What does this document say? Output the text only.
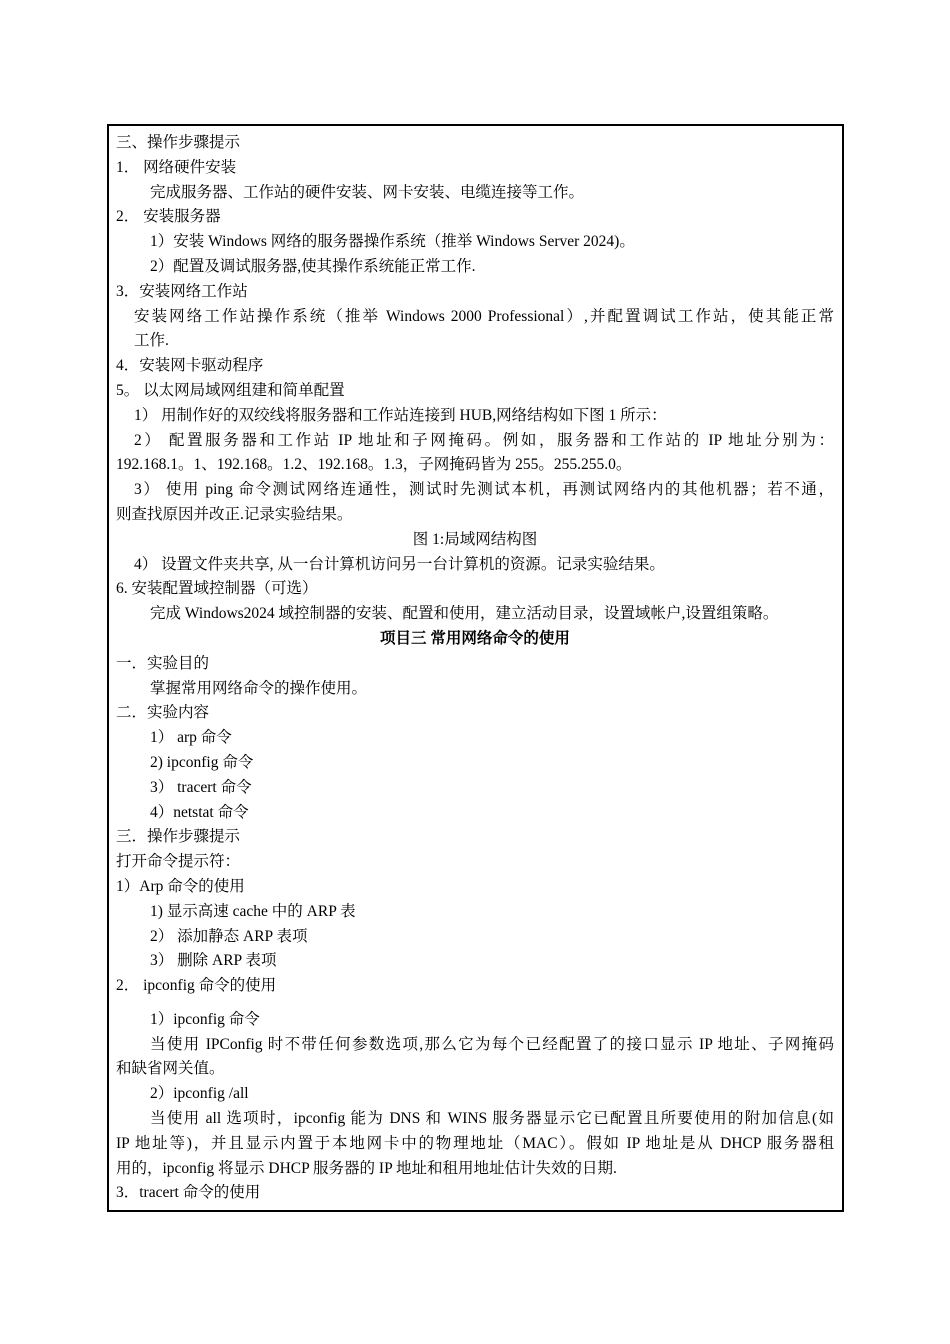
三、操作步骤提示
1． 网络硬件安装
完成服务器、工作站的硬件安装、网卡安装、电缆连接等工作。
2． 安装服务器
1）安装 Windows 网络的服务器操作系统（推举 Windows Server 2024)。
2）配置及调试服务器,使其操作系统能正常工作.
3．安装网络工作站
安装网络工作站操作系统（推举 Windows 2000 Professional）,并配置调试工作站，使其能正常
工作.
4．安装网卡驱动程序
5。 以太网局域网组建和简单配置
1） 用制作好的双绞线将服务器和工作站连接到 HUB,网络结构如下图 1 所示：
2） 配置服务器和工作站 IP 地址和子网掩码。例如，服务器和工作站的 IP 地址分别为：
192.168.1。1、192.168。1.2、192.168。1.3，子网掩码皆为 255。255.255.0。
3） 使用 ping 命令测试网络连通性，测试时先测试本机，再测试网络内的其他机器；若不通，
则查找原因并改正.记录实验结果。
图 1:局域网结构图
4） 设置文件夹共享, 从一台计算机访问另一台计算机的资源。记录实验结果。
6. 安装配置域控制器（可选）
完成 Windows2024 域控制器的安装、配置和使用，建立活动目录，设置域帐户,设置组策略。
项目三 常用网络命令的使用
一．实验目的
掌握常用网络命令的操作使用。
二．实验内容
1） arp 命令
2) ipconfig 命令
3） tracert 命令
4）netstat 命令
三．操作步骤提示
打开命令提示符：
1）Arp 命令的使用
1) 显示高速 cache 中的 ARP 表
2） 添加静态 ARP 表项
3） 删除 ARP 表项
2． ipconfig 命令的使用
1）ipconfig 命令
当使用 IPConfig 时不带任何参数选项,那么它为每个已经配置了的接口显示 IP 地址、子网掩码
和缺省网关值。
2）ipconfig /all
当使用 all 选项时，ipconfig 能为 DNS 和 WINS 服务器显示它已配置且所要使用的附加信息(如
IP 地址等)，并且显示内置于本地网卡中的物理地址（MAC）。假如 IP 地址是从 DHCP 服务器租
用的，ipconfig 将显示 DHCP 服务器的 IP 地址和租用地址估计失效的日期.
3．tracert 命令的使用
